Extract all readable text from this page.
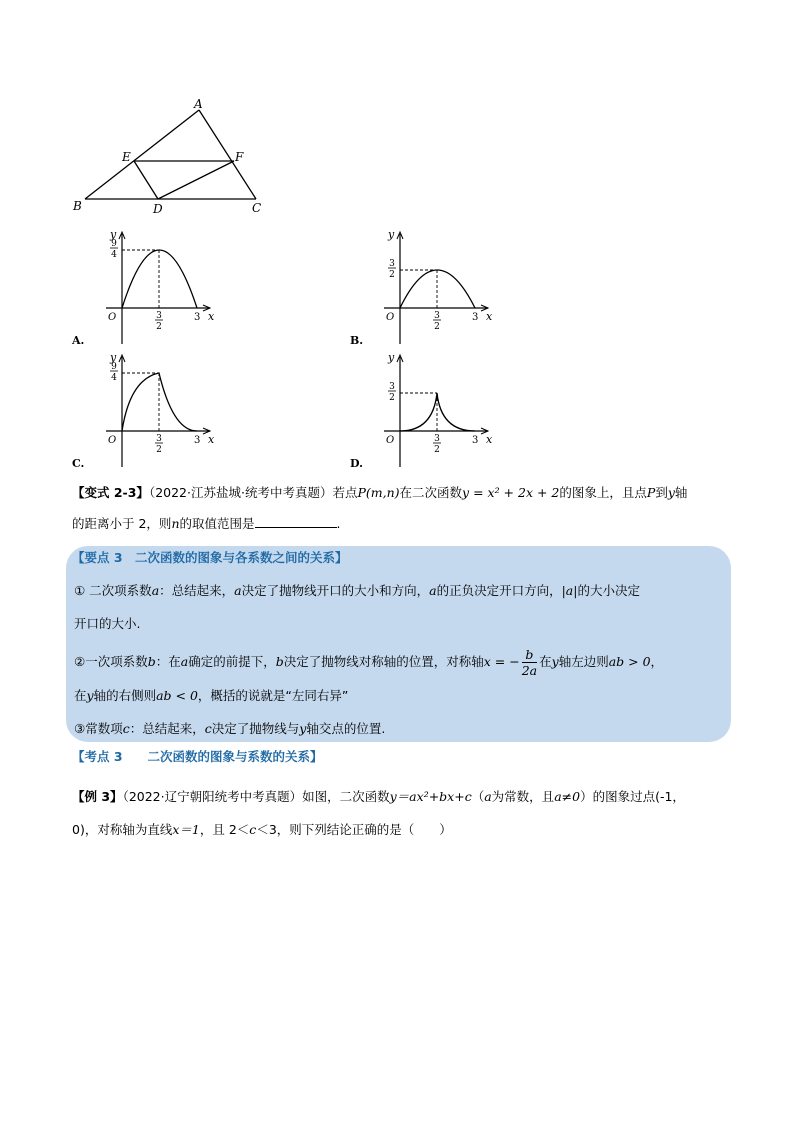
A
B	C
D
E	F
A.
y
x
O
9
4
3
2
3
B.
y
x
O
3
2
3
2
3
C.
y
x
O
9
4
3
2
3
D.
y
x
O
3
2
3
2
3
【变式 2-3】（2022·江苏盐城·统考中考真题）若点P(m,n)在二次函数y = x² + 2x + 2的图象上，且点P到y轴
的距离小于 2，则n的取值范围是	.
【要点 3　二次函数的图象与各系数之间的关系】
① 二次项系数a：总结起来，a决定了抛物线开口的大小和方向，a的正负决定开口方向，|a|的大小决定
开口的大小.
②一次项系数b：在a确定的前提下，b决定了抛物线对称轴的位置，对称轴x = − $\frac{b}{2a}$ 在y轴左边则ab > 0，
在y轴的右侧则ab < 0，概括的说就是“左同右异”
③常数项c：总结起来，c决定了抛物线与y轴交点的位置.
【考点 3　　二次函数的图象与系数的关系】
【例 3】（2022·辽宁朝阳统考中考真题）如图，二次函数y＝ax²+bx+c（a为常数，且a≠0）的图象过点(-1，
0)，对称轴为直线x＝1，且 2＜c＜3，则下列结论正确的是（　　）
